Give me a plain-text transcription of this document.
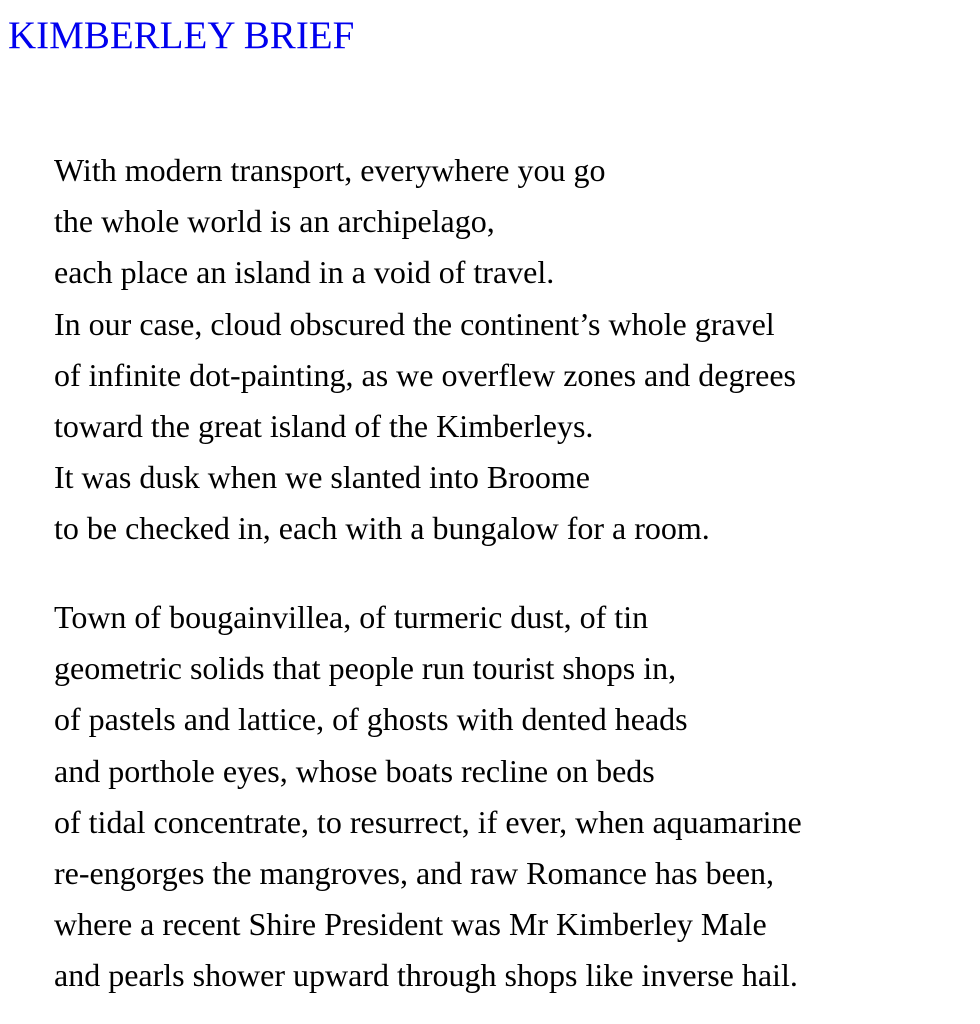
KIMBERLEY BRIEF
With modern transport, everywhere you go
the whole world is an archipelago,
each place an island in a void of travel.
In our case, cloud obscured the continent’s whole gravel
of infinite dot-painting, as we overflew zones and degrees
toward the great island of the Kimberleys.
It was dusk when we slanted into Broome
to be checked in, each with a bungalow for a room.
Town of bougainvillea, of turmeric dust, of tin
geometric solids that people run tourist shops in,
of pastels and lattice, of ghosts with dented heads
and porthole eyes, whose boats recline on beds
of tidal concentrate, to resurrect, if ever, when aquamarine
re-engorges the mangroves, and raw Romance has been,
where a recent Shire President was Mr Kimberley Male
and pearls shower upward through shops like inverse hail.
